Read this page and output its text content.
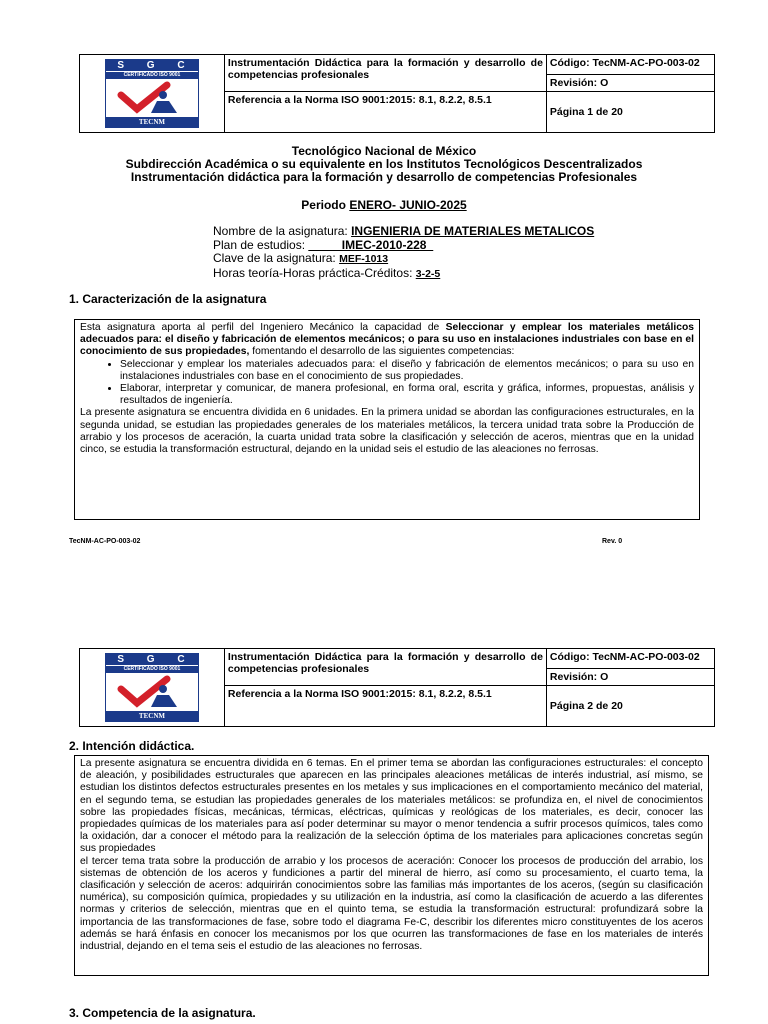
S G C
CERTIFICADO ISO 9001
TECNM	Instrumentación Didáctica para la formación y desarrollo de competencias profesionales	Código: TecNM-AC-PO-003-02
		Revisión: O
	Referencia a la Norma ISO 9001:2015: 8.1, 8.2.2, 8.5.1	Página 1 de 20
Tecnológico Nacional de México
Subdirección Académica o su equivalente en los Institutos Tecnológicos Descentralizados
Instrumentación didáctica para la formación y desarrollo de competencias Profesionales
Periodo ENERO- JUNIO-2025
Nombre de la asignatura: INGENIERIA DE MATERIALES METALICOS
Plan de estudios: _____IMEC-2010-228_
Clave de la asignatura: MEF-1013
Horas teoría-Horas práctica-Créditos: 3-2-5
1. Caracterización de la asignatura
Esta asignatura aporta al perfil del Ingeniero Mecánico la capacidad de Seleccionar y emplear los materiales metálicos adecuados para: el diseño y fabricación de elementos mecánicos; o para su uso en instalaciones industriales con base en el conocimiento de sus propiedades, fomentando el desarrollo de las siguientes competencias:
• Seleccionar y emplear los materiales adecuados para: el diseño y fabricación de elementos mecánicos; o para su uso en instalaciones industriales con base en el conocimiento de sus propiedades.
• Elaborar, interpretar y comunicar, de manera profesional, en forma oral, escrita y gráfica, informes, propuestas, análisis y resultados de ingeniería.
La presente asignatura se encuentra dividida en 6 unidades. En la primera unidad se abordan las configuraciones estructurales, en la segunda unidad, se estudian las propiedades generales de los materiales metálicos, la tercera unidad trata sobre la Producción de arrabio y los procesos de aceración, la cuarta unidad trata sobre la clasificación y selección de aceros, mientras que en la unidad cinco, se estudia la transformación estructural, dejando en la unidad seis el estudio de las aleaciones no ferrosas.
TecNM-AC-PO-003-02	Rev. 0
S G C
CERTIFICADO ISO 9001
TECNM	Instrumentación Didáctica para la formación y desarrollo de competencias profesionales	Código: TecNM-AC-PO-003-02
		Revisión: O
	Referencia a la Norma ISO 9001:2015: 8.1, 8.2.2, 8.5.1	Página 2 de 20
2. Intención didáctica.
La presente asignatura se encuentra dividida en 6 temas. En el primer tema se abordan las configuraciones estructurales: el concepto de aleación, y posibilidades estructurales que aparecen en las principales aleaciones metálicas de interés industrial, así mismo, se estudian los distintos defectos estructurales presentes en los metales y sus implicaciones en el comportamiento mecánico del material, en el segundo tema, se estudian las propiedades generales de los materiales metálicos: se profundiza en, el nivel de conocimientos sobre las propiedades físicas, mecánicas, térmicas, eléctricas, químicas y reológicas de los materiales, es decir, conocer las propiedades químicas de los materiales para así poder determinar su mayor o menor tendencia a sufrir procesos químicos, tales como la oxidación, dar a conocer el método para la realización de la selección óptima de los materiales para aplicaciones concretas según sus propiedades
el tercer tema trata sobre la producción de arrabio y los procesos de aceración: Conocer los procesos de producción del arrabio, los sistemas de obtención de los aceros y fundiciones a partir del mineral de hierro, así como su procesamiento, el cuarto tema, la clasificación y selección de aceros: adquirirán conocimientos sobre las familias más importantes de los aceros, (según su clasificación numérica), su composición química, propiedades y su utilización en la industria, así como la clasificación de acuerdo a las diferentes normas y criterios de selección, mientras que en el quinto tema, se estudia la transformación estructural: profundizará sobre la importancia de las transformaciones de fase, sobre todo el diagrama Fe-C, describir los diferentes micro constituyentes de los aceros además se hará énfasis en conocer los mecanismos por los que ocurren las transformaciones de fase en los materiales de interés industrial, dejando en el tema seis el estudio de las aleaciones no ferrosas.
3. Competencia de la asignatura.
